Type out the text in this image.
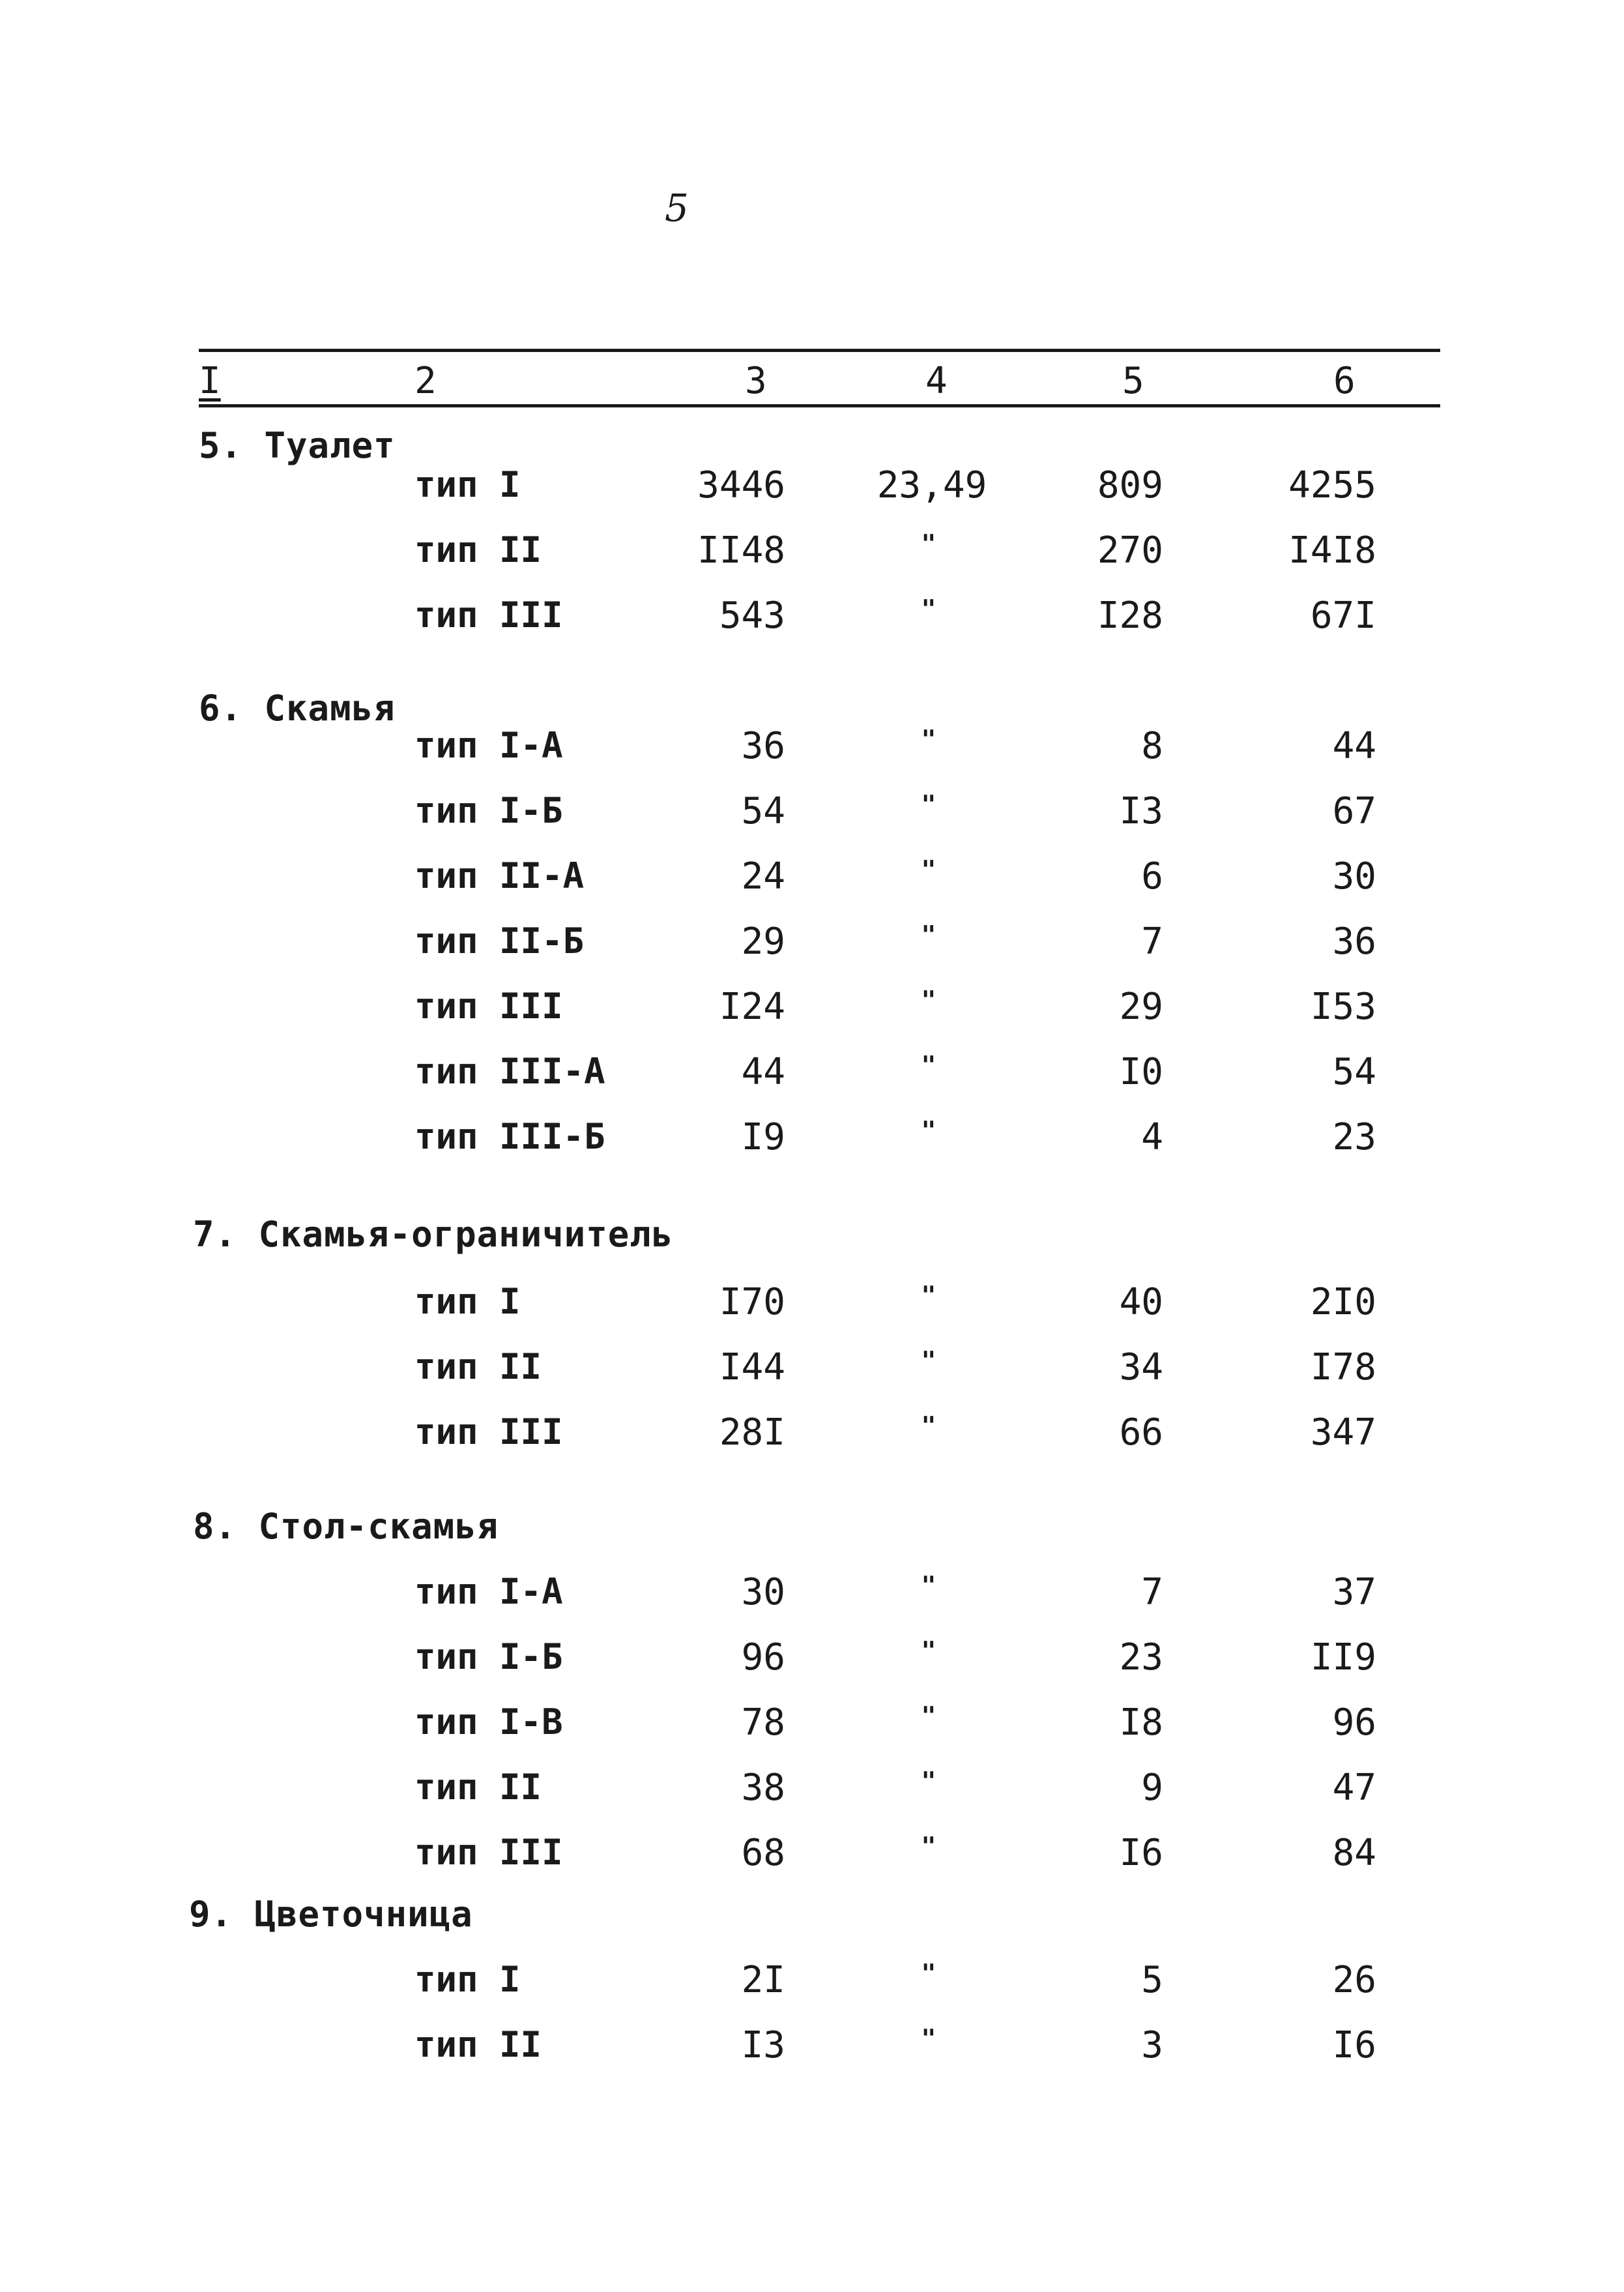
5
I	2	3	4	5	6
5. Туалет
тип I	3446	23,49	809	4255
тип II	II48	"	270	I4I8
тип III	543	"	I28	67I
6. Скамья
тип I-А	36	"	8	44
тип I-Б	54	"	I3	67
тип II-А	24	"	6	30
тип II-Б	29	"	7	36
тип III	I24	"	29	I53
тип III-А	44	"	I0	54
тип III-Б	I9	"	4	23
7. Скамья-ограничитель
тип I	I70	"	40	2I0
тип II	I44	"	34	I78
тип III	28I	"	66	347
8. Стол-скамья
тип I-А	30	"	7	37
тип I-Б	96	"	23	II9
тип I-В	78	"	I8	96
тип II	38	"	9	47
тип III	68	"	I6	84
9. Цветочница
тип I	2I	"	5	26
тип II	I3	"	3	I6
